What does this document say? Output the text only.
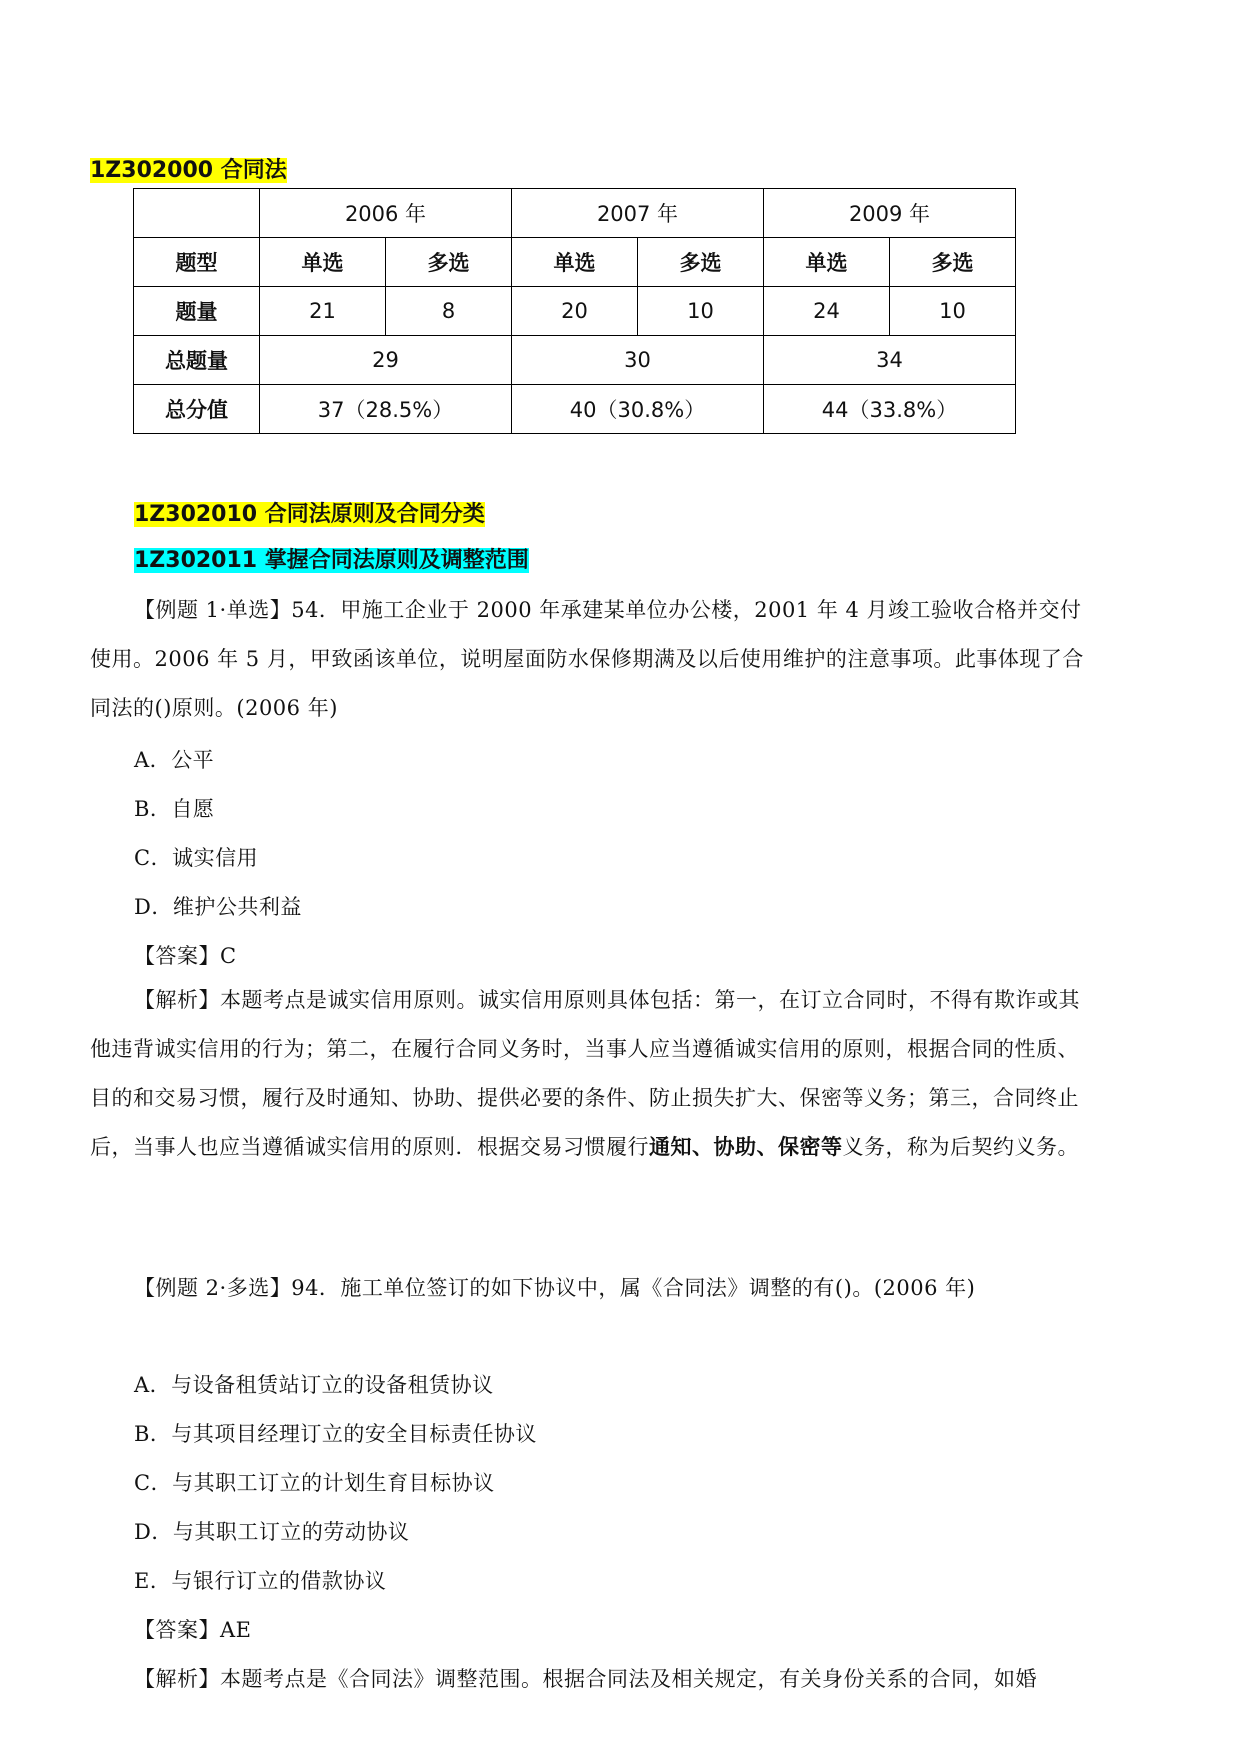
1Z302000 合同法
	2006 年		2007 年		2009 年	
题型	单选	多选	单选	多选	单选	多选
题量	21	8	20	10	24	10
总题量	29		30		34	
总分值	37（28.5%）		40（30.8%）		44（33.8%）	
1Z302010 合同法原则及合同分类
1Z302011 掌握合同法原则及调整范围
【例题 1·单选】54．甲施工企业于 2000 年承建某单位办公楼，2001 年 4 月竣工验收合格并交付使用。2006 年 5 月，甲致函该单位，说明屋面防水保修期满及以后使用维护的注意事项。此事体现了合同法的()原则。(2006 年)
A．公平
B．自愿
C．诚实信用
D．维护公共利益
【答案】C
【解析】本题考点是诚实信用原则。诚实信用原则具体包括：第一，在订立合同时，不得有欺诈或其他违背诚实信用的行为；第二，在履行合同义务时，当事人应当遵循诚实信用的原则，根据合同的性质、目的和交易习惯，履行及时通知、协助、提供必要的条件、防止损失扩大、保密等义务；第三，合同终止后，当事人也应当遵循诚实信用的原则．根据交易习惯履行通知、协助、保密等义务，称为后契约义务。
【例题 2·多选】94．施工单位签订的如下协议中，属《合同法》调整的有()。(2006 年)
A．与设备租赁站订立的设备租赁协议
B．与其项目经理订立的安全目标责任协议
C．与其职工订立的计划生育目标协议
D．与其职工订立的劳动协议
E．与银行订立的借款协议
【答案】AE
【解析】本题考点是《合同法》调整范围。根据合同法及相关规定，有关身份关系的合同，如婚
